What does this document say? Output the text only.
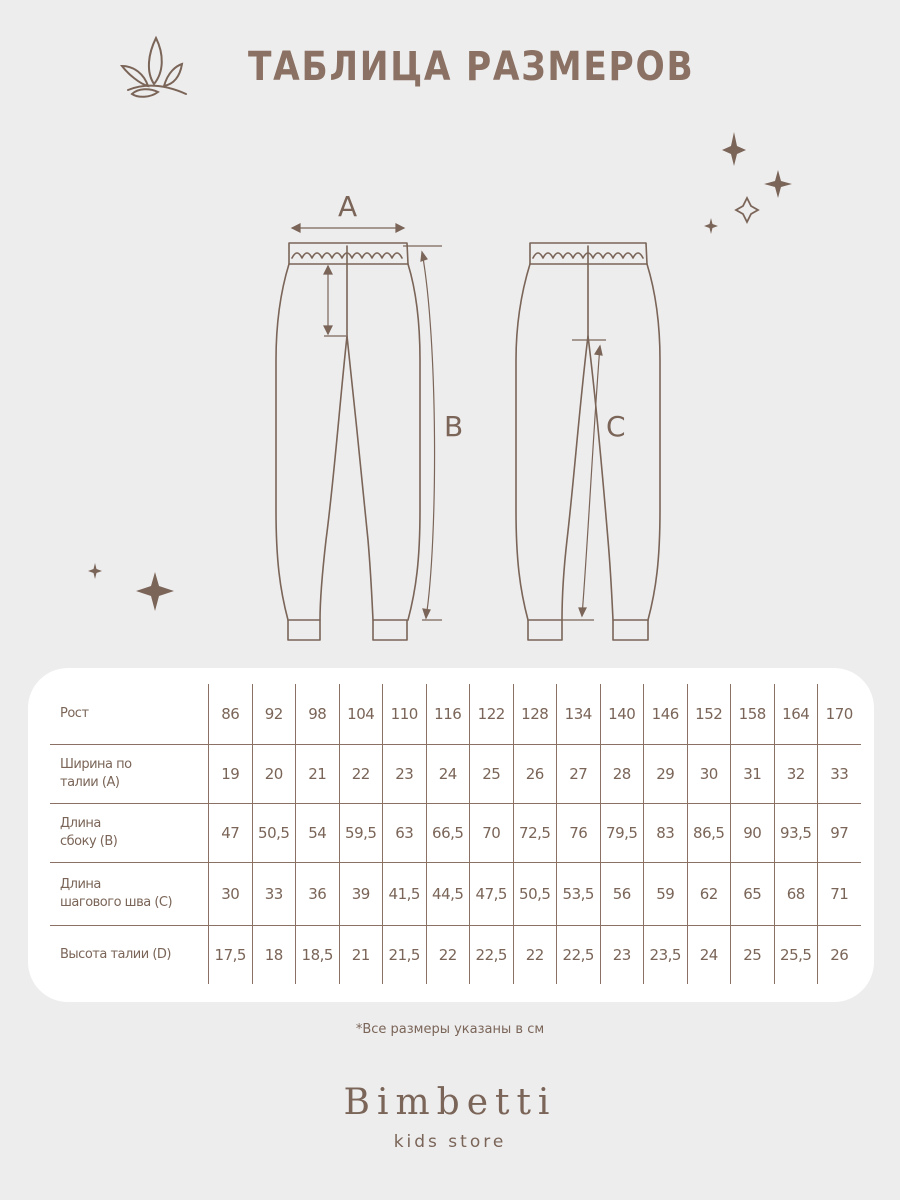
ТАБЛИЦА РАЗМЕРОВ
A
B	C
Рост	86	92	98	104	110	116	122	128	134	140	146	152	158	164	170

Ширина по
талии (А)	19	20	21	22	23	24	25	26	27	28	29	30	31	32	33

Длина
сбоку (В)	47	50,5	54	59,5	63	66,5	70	72,5	76	79,5	83	86,5	90	93,5	97

Длина
шагового шва (С)	30	33	36	39	41,5	44,5	47,5	50,5	53,5	56	59	62	65	68	71

Высота талии (D)	17,5	18	18,5	21	21,5	22	22,5	22	22,5	23	23,5	24	25	25,5	26
*Все размеры указаны в см
Bimbetti
kids store
